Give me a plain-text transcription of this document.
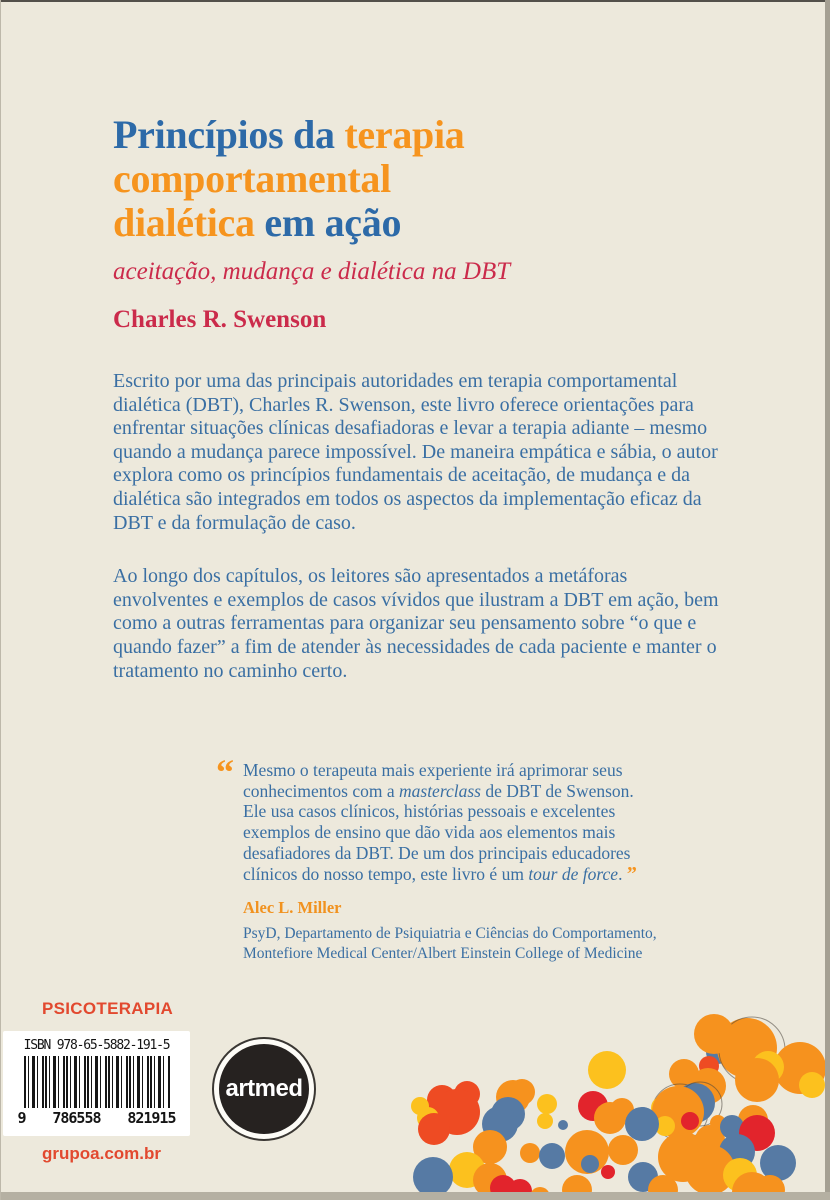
Princípios da terapia
comportamental
dialética em ação
aceitação, mudança e dialética na DBT
Charles R. Swenson

Escrito por uma das principais autoridades em terapia comportamental dialética (DBT), Charles R. Swenson, este livro oferece orientações para enfrentar situações clínicas desafiadoras e levar a terapia adiante – mesmo quando a mudança parece impossível. De maneira empática e sábia, o autor explora como os princípios fundamentais de aceitação, de mudança e da dialética são integrados em todos os aspectos da implementação eficaz da DBT e da formulação de caso.

Ao longo dos capítulos, os leitores são apresentados a metáforas envolventes e exemplos de casos vívidos que ilustram a DBT em ação, bem como a outras ferramentas para organizar seu pensamento sobre “o que e quando fazer” a fim de atender às necessidades de cada paciente e manter o tratamento no caminho certo.

“ Mesmo o terapeuta mais experiente irá aprimorar seus conhecimentos com a masterclass de DBT de Swenson. Ele usa casos clínicos, histórias pessoais e excelentes exemplos de ensino que dão vida aos elementos mais desafiadores da DBT. De um dos principais educadores clínicos do nosso tempo, este livro é um tour de force. ”
Alec L. Miller
PsyD, Departamento de Psiquiatria e Ciências do Comportamento,
Montefiore Medical Center/Albert Einstein College of Medicine
PSICOTERAPIA
ISBN 978-65-5882-191-5
9 786558 821915
artmed
grupoa.com.br
